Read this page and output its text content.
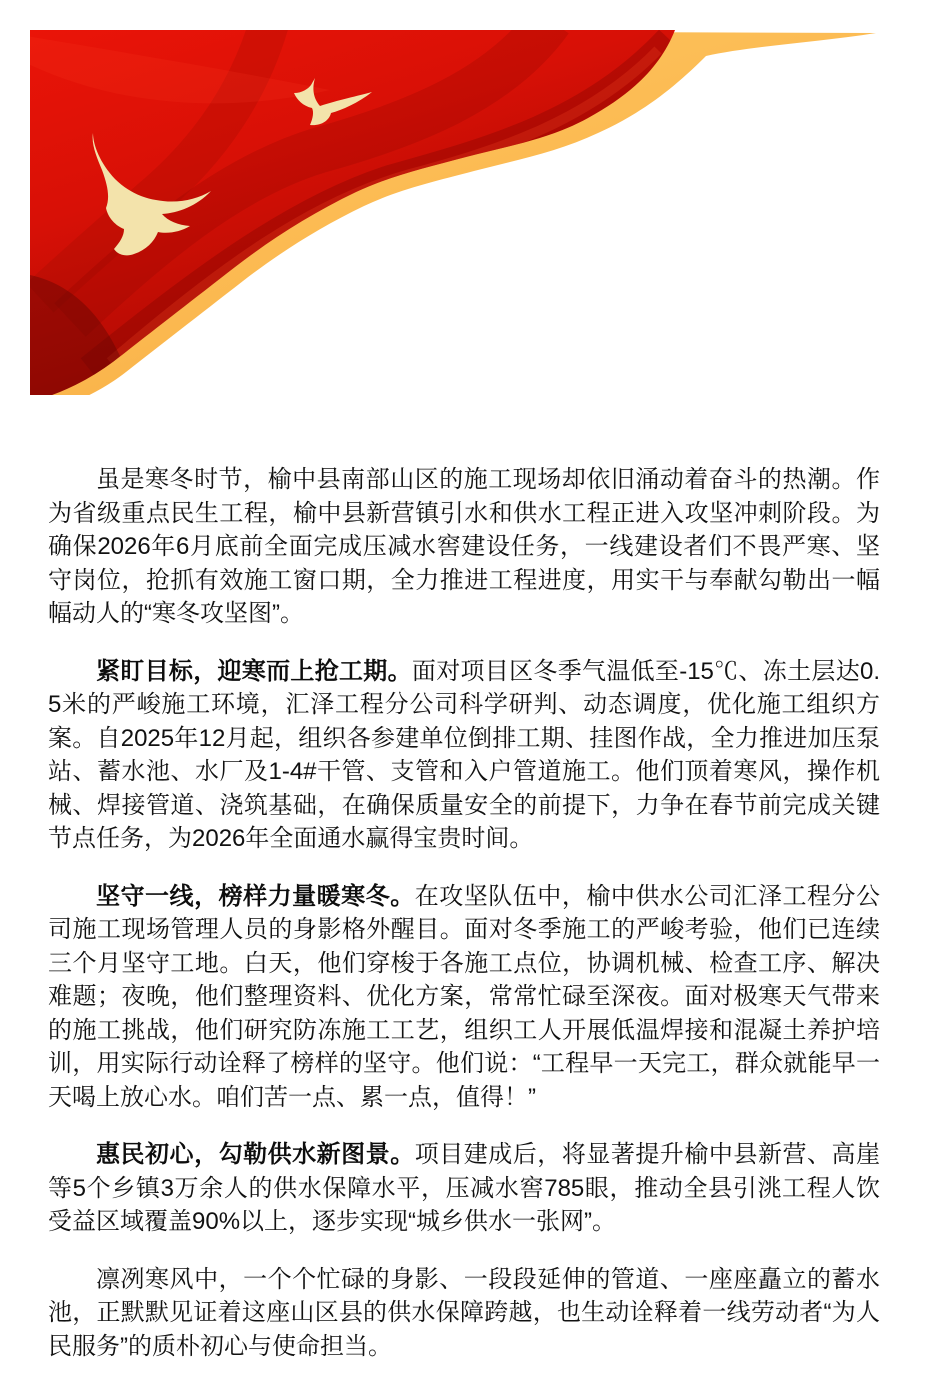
虽是寒冬时节，榆中县南部山区的施工现场却依旧涌动着奋斗的热潮。作为省级重点民生工程，榆中县新营镇引水和供水工程正进入攻坚冲刺阶段。为确保2026年6月底前全面完成压减水窖建设任务，一线建设者们不畏严寒、坚守岗位，抢抓有效施工窗口期，全力推进工程进度，用实干与奉献勾勒出一幅幅动人的“寒冬攻坚图”。

紧盯目标，迎寒而上抢工期。面对项目区冬季气温低至-15℃、冻土层达0.5米的严峻施工环境，汇泽工程分公司科学研判、动态调度，优化施工组织方案。自2025年12月起，组织各参建单位倒排工期、挂图作战，全力推进加压泵站、蓄水池、水厂及1-4#干管、支管和入户管道施工。他们顶着寒风，操作机械、焊接管道、浇筑基础，在确保质量安全的前提下，力争在春节前完成关键节点任务，为2026年全面通水赢得宝贵时间。

坚守一线，榜样力量暖寒冬。在攻坚队伍中，榆中供水公司汇泽工程分公司施工现场管理人员的身影格外醒目。面对冬季施工的严峻考验，他们已连续三个月坚守工地。白天，他们穿梭于各施工点位，协调机械、检查工序、解决难题；夜晚，他们整理资料、优化方案，常常忙碌至深夜。面对极寒天气带来的施工挑战，他们研究防冻施工工艺，组织工人开展低温焊接和混凝土养护培训，用实际行动诠释了榜样的坚守。他们说：“工程早一天完工，群众就能早一天喝上放心水。咱们苦一点、累一点，值得！”

惠民初心，勾勒供水新图景。项目建成后，将显著提升榆中县新营、高崖等5个乡镇3万余人的供水保障水平，压减水窖785眼，推动全县引洮工程人饮受益区域覆盖90%以上，逐步实现“城乡供水一张网”。

凛冽寒风中，一个个忙碌的身影、一段段延伸的管道、一座座矗立的蓄水池，正默默见证着这座山区县的供水保障跨越，也生动诠释着一线劳动者“为人民服务”的质朴初心与使命担当。
